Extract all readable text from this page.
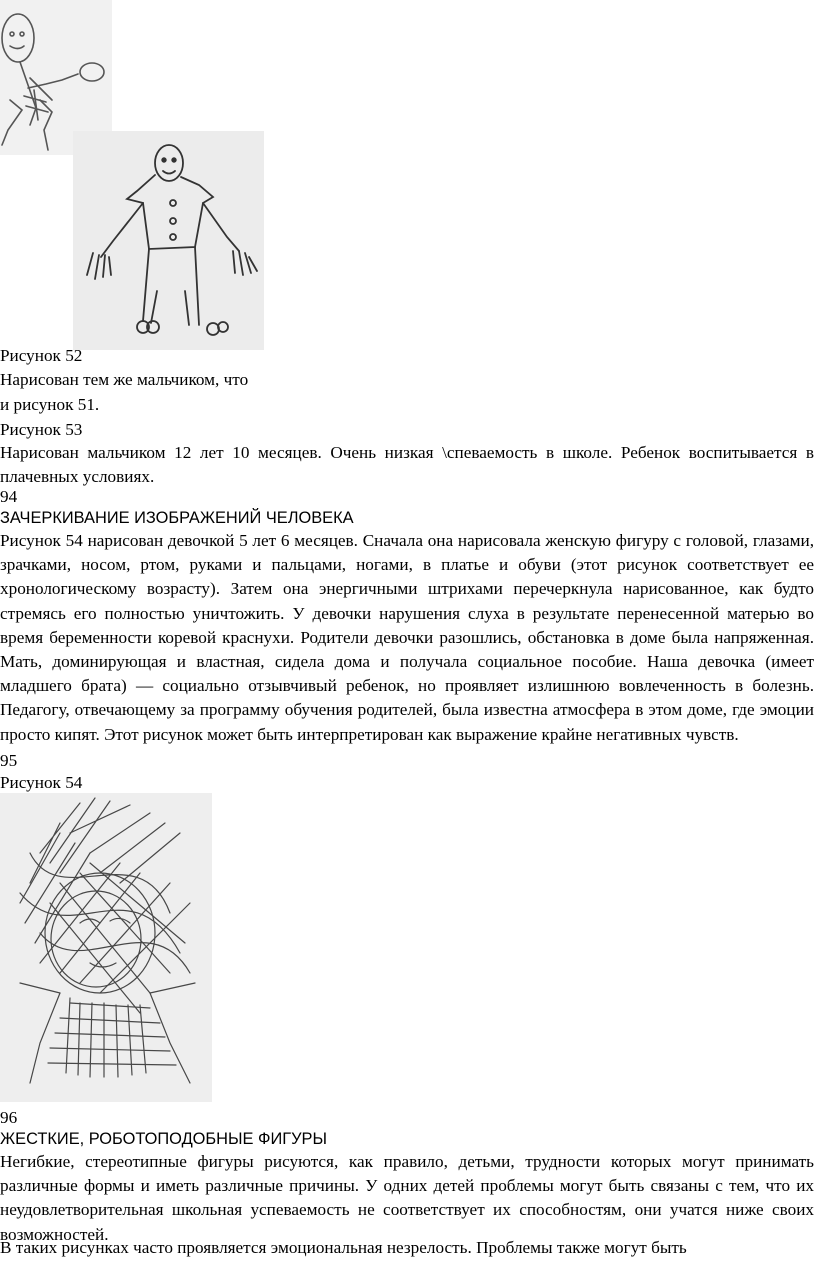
Рисунок 52
Нарисован тем же мальчиком, что
и рисунок 51.
Рисунок 53
Нарисован мальчиком 12 лет 10 месяцев. Очень низкая \спеваемость в школе. Ребенок воспитывается в плачевных условиях.
94
ЗАЧЕРКИВАНИЕ ИЗОБРАЖЕНИЙ ЧЕЛОВЕКА
Рисунок 54 нарисован девочкой 5 лет 6 месяцев. Сначала она нарисовала женскую фигуру с головой, глазами, зрачками, носом, ртом, руками и пальцами, ногами, в платье и обуви (этот рисунок соответствует ее хронологическому возрасту). Затем она энергичными штрихами перечеркнула нарисованное, как будто стремясь его полностью уничтожить. У девочки нарушения слуха в результате перенесенной матерью во время беременности коревой краснухи. Родители девочки разошлись, обстановка в доме была напряженная. Мать, доминирующая и властная, сидела дома и получала социальное пособие. Наша девочка (имеет младшего брата) — социально отзывчивый ребенок, но проявляет излишнюю вовлеченность в болезнь. Педагогу, отвечающему за программу обучения родителей, была известна атмосфера в этом доме, где эмоции просто кипят. Этот рисунок может быть интерпретирован как выражение крайне негативных чувств.
95
Рисунок 54
96
ЖЕСТКИЕ, РОБОТОПОДОБНЫЕ ФИГУРЫ
Негибкие, стереотипные фигуры рисуются, как правило, детьми, трудности которых могут принимать различные формы и иметь различные причины. У одних детей проблемы могут быть связаны с тем, что их неудовлетворительная школьная успеваемость не соответствует их способностям, они учатся ниже своих возможностей.
В таких рисунках часто проявляется эмоциональная незрелость. Проблемы также могут быть
